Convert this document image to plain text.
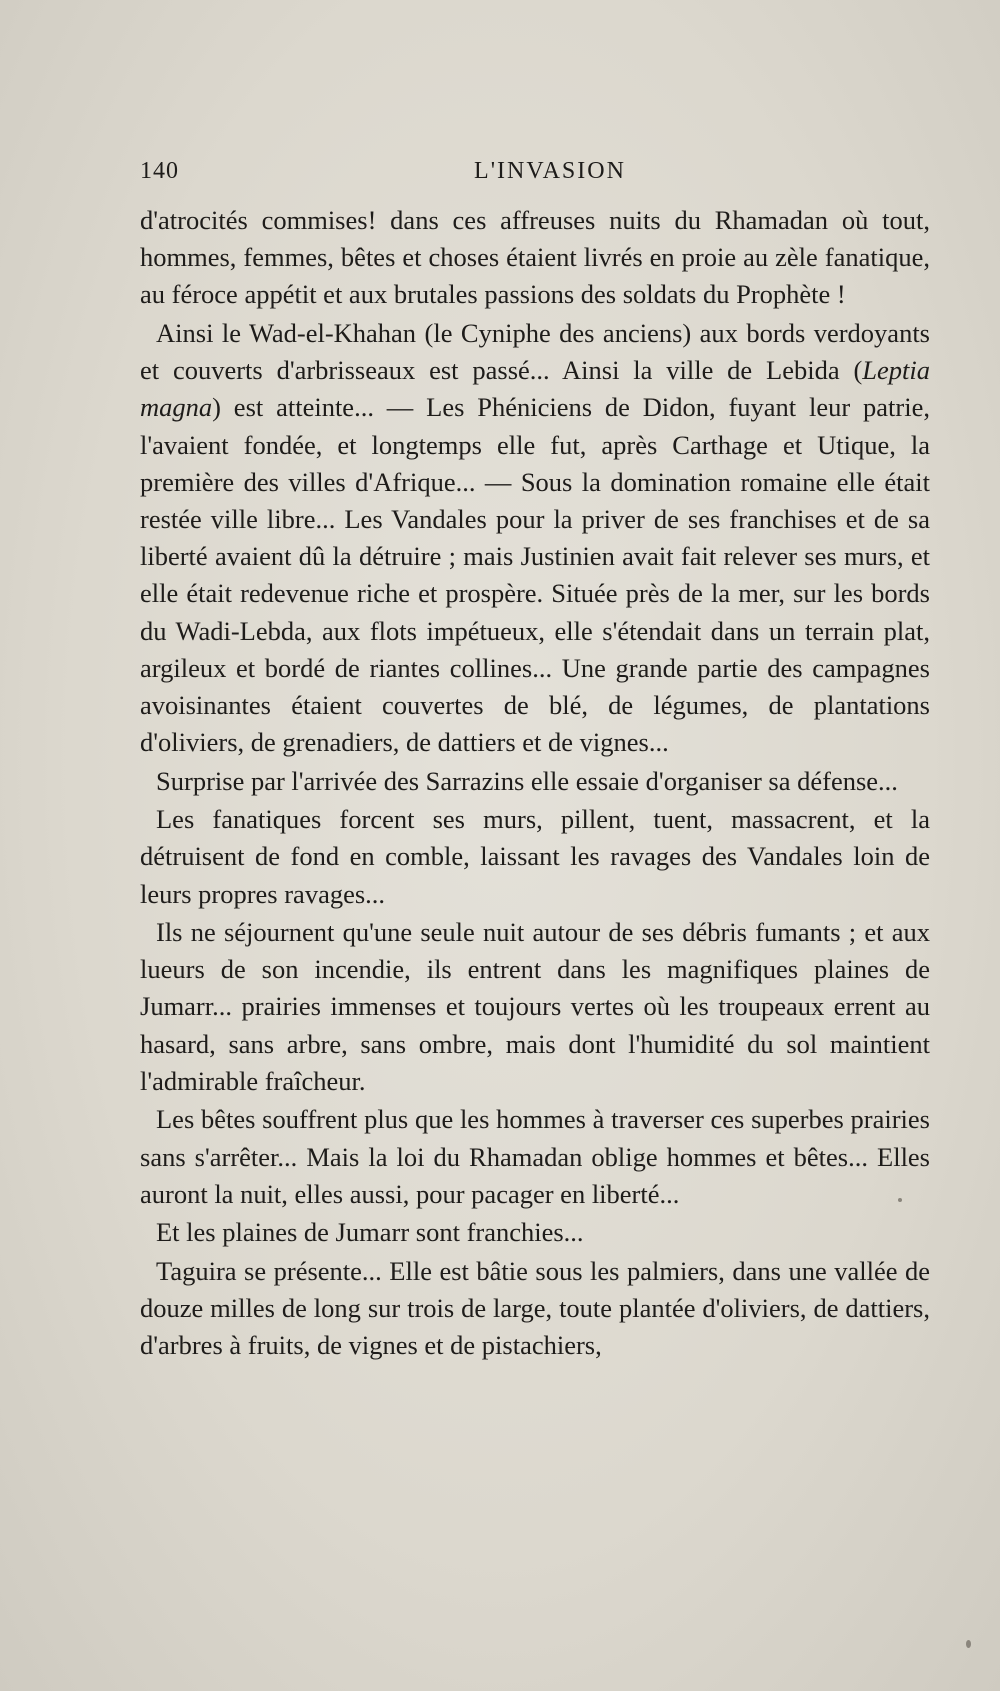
140	L'INVASION

d'atrocités commises! dans ces affreuses nuits du Rhamadan où tout, hommes, femmes, bêtes et choses étaient livrés en proie au zèle fanatique, au féroce appétit et aux brutales passions des soldats du Prophète !

Ainsi le Wad-el-Khahan (le Cyniphe des anciens) aux bords verdoyants et couverts d'arbrisseaux est passé... Ainsi la ville de Lebida (Leptia magna) est atteinte... — Les Phéniciens de Didon, fuyant leur patrie, l'avaient fondée, et longtemps elle fut, après Carthage et Utique, la première des villes d'Afrique... — Sous la domination romaine elle était restée ville libre... Les Vandales pour la priver de ses franchises et de sa liberté avaient dû la détruire ; mais Justinien avait fait relever ses murs, et elle était redevenue riche et prospère. Située près de la mer, sur les bords du Wadi-Lebda, aux flots impétueux, elle s'étendait dans un terrain plat, argileux et bordé de riantes collines... Une grande partie des campagnes avoisinantes étaient couvertes de blé, de légumes, de plantations d'oliviers, de grenadiers, de dattiers et de vignes...

Surprise par l'arrivée des Sarrazins elle essaie d'organiser sa défense...

Les fanatiques forcent ses murs, pillent, tuent, massacrent, et la détruisent de fond en comble, laissant les ravages des Vandales loin de leurs propres ravages...

Ils ne séjournent qu'une seule nuit autour de ses débris fumants ; et aux lueurs de son incendie, ils entrent dans les magnifiques plaines de Jumarr... prairies immenses et toujours vertes où les troupeaux errent au hasard, sans arbre, sans ombre, mais dont l'humidité du sol maintient l'admirable fraîcheur.

Les bêtes souffrent plus que les hommes à traverser ces superbes prairies sans s'arrêter... Mais la loi du Rhamadan oblige hommes et bêtes... Elles auront la nuit, elles aussi, pour pacager en liberté...

Et les plaines de Jumarr sont franchies...

Taguira se présente... Elle est bâtie sous les palmiers, dans une vallée de douze milles de long sur trois de large, toute plantée d'oliviers, de dattiers, d'arbres à fruits, de vignes et de pistachiers,
